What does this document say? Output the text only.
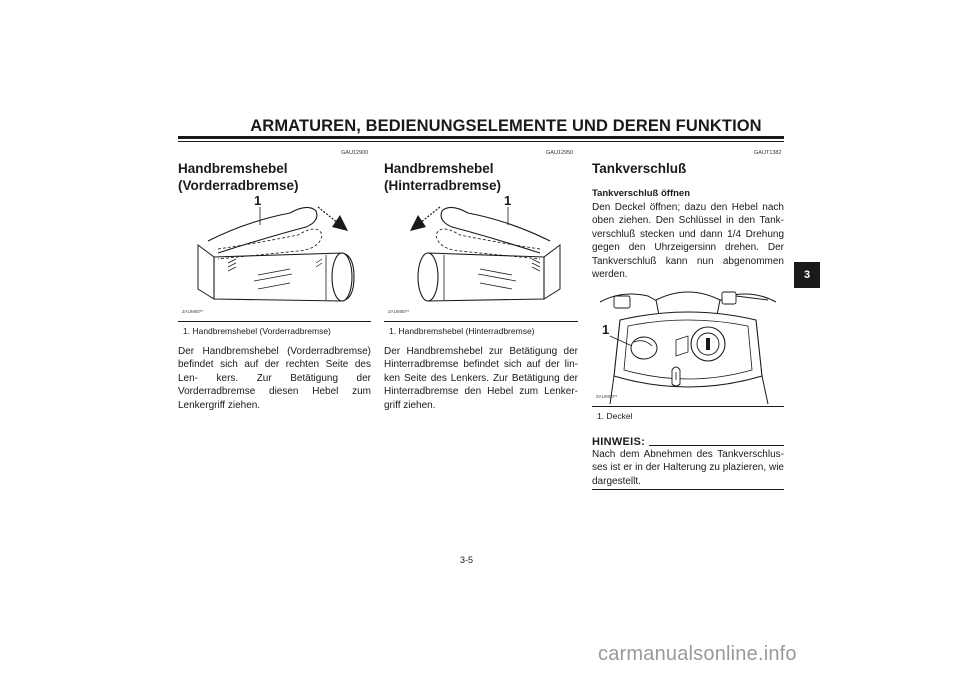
ARMATUREN, BEDIENUNGSELEMENTE UND DEREN FUNKTION
GAU12900
Handbremshebel
(Vorderradbremse)
1
ZAUM00**
1. Handbremshebel (Vorderradbremse)
Der Handbremshebel (Vorderradbremse) befindet sich auf der rechten Seite des Len- kers. Zur Betätigung der Vorderradbremse diesen Hebel zum Lenkergriff ziehen.
GAU12950
Handbremshebel
(Hinterradbremse)
1
ZAUM00**
1. Handbremshebel (Hinterradbremse)
Der Handbremshebel zur Betätigung der Hinterradbremse befindet sich auf der lin- ken Seite des Lenkers. Zur Betätigung der Hinterradbremse den Hebel zum Lenker- griff ziehen.
GAUT1382
Tankverschluß
Tankverschluß öffnen
Den Deckel öffnen; dazu den Hebel nach oben ziehen. Den Schlüssel in den Tank- verschluß stecken und dann 1/4 Drehung gegen den Uhrzeigersinn drehen. Der Tankverschluß kann nun abgenommen werden.
1
ZAUM00**
1. Deckel
HINWEIS:
Nach dem Abnehmen des Tankverschlus- ses ist er in der Halterung zu plazieren, wie dargestellt.
3-5
3
carmanualsonline.info
